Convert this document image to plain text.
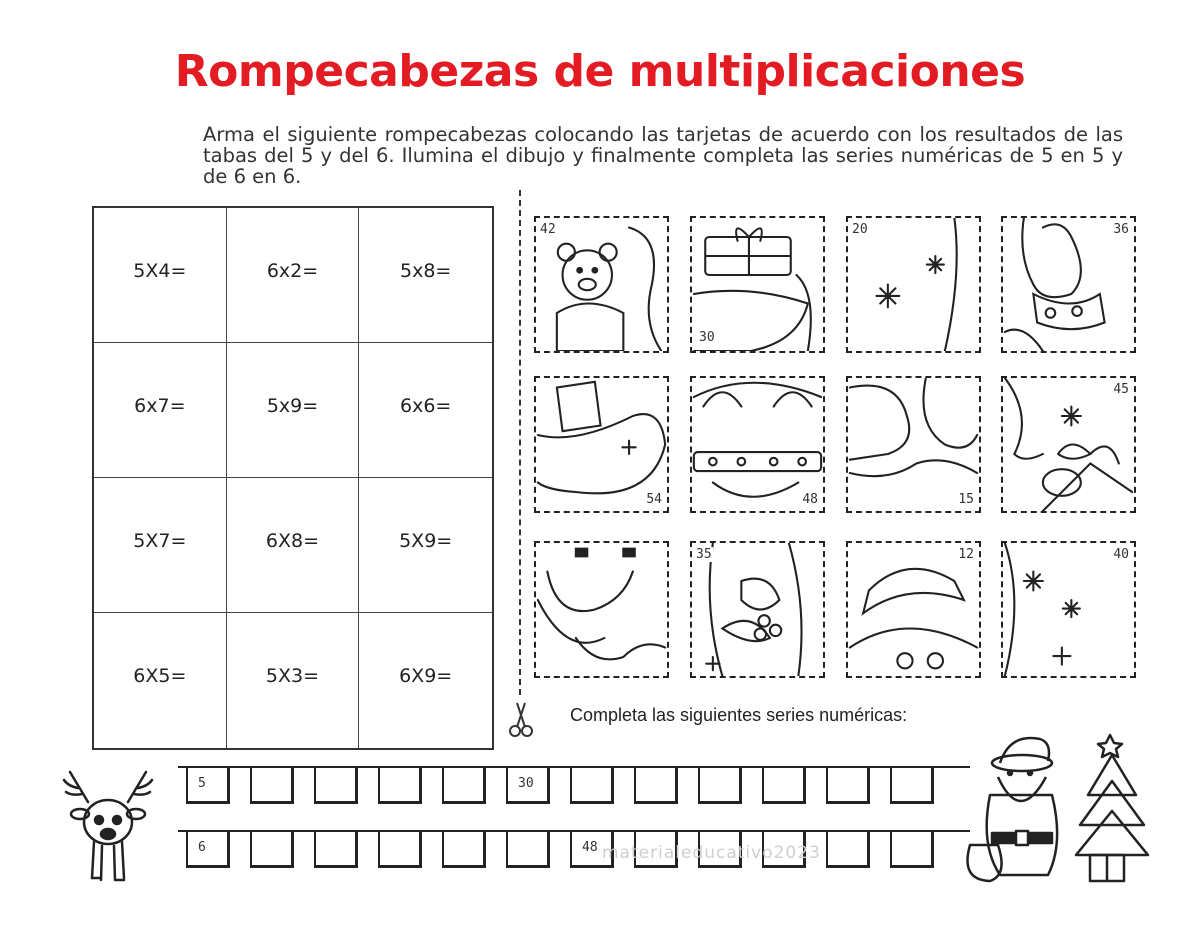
Rompecabezas de multiplicaciones
Arma el siguiente rompecabezas colocando las tarjetas de acuerdo con los resultados de las tabas del 5 y del 6. Ilumina el dibujo y finalmente completa las series numéricas de 5 en 5 y de 6 en 6.
5X4=	6x2=	5x8=
6x7=	5x9=	6x6=
5X7=	6X8=	5X9=
6X5=	5X3=	6X9=
42
30
20	36
54	48	15
45
35	12	40
Completa las siguientes series numéricas:
5	30
6	48 materialeducativo2023
